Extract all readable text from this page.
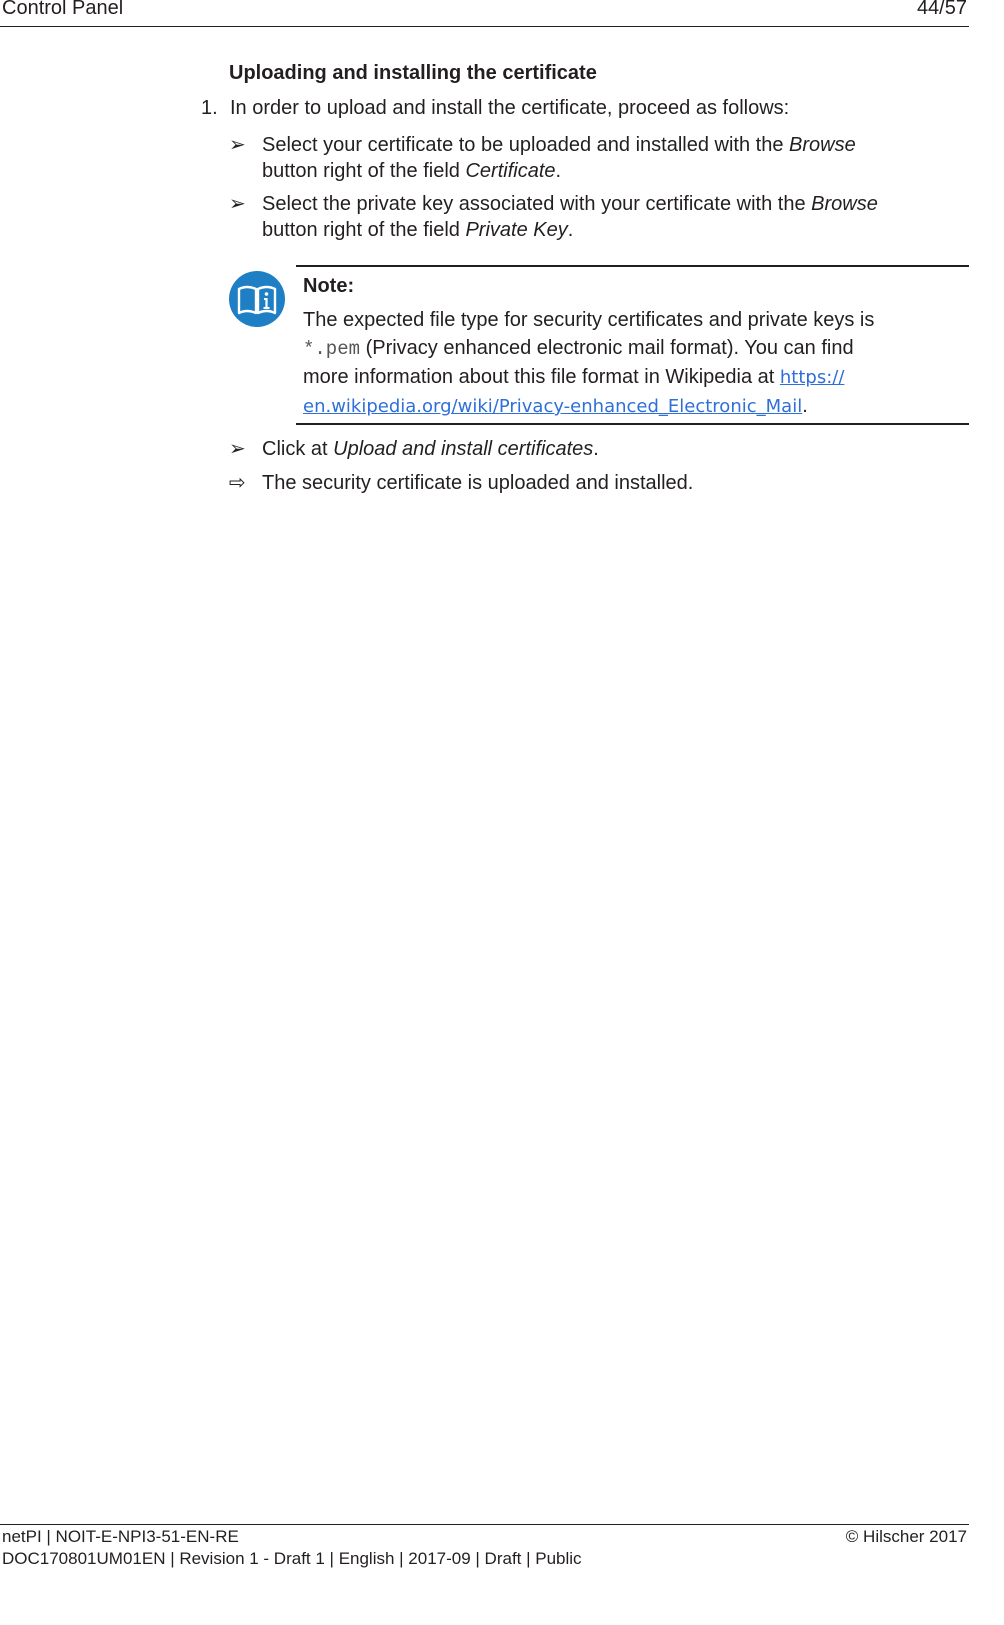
Control Panel	44/57
Uploading and installing the certificate
1. In order to upload and install the certificate, proceed as follows:
➢ Select your certificate to be uploaded and installed with the Browse
button right of the field Certificate.
➢ Select the private key associated with your certificate with the Browse
button right of the field Private Key.
Note:
The expected file type for security certificates and private keys is
*.pem (Privacy enhanced electronic mail format). You can find
more information about this file format in Wikipedia at https://
en.wikipedia.org/wiki/Privacy-enhanced_Electronic_Mail.
➢ Click at Upload and install certificates.
⇨ The security certificate is uploaded and installed.
netPI | NOIT-E-NPI3-51-EN-RE	© Hilscher 2017
DOC170801UM01EN | Revision 1 - Draft 1 | English | 2017-09 | Draft | Public
